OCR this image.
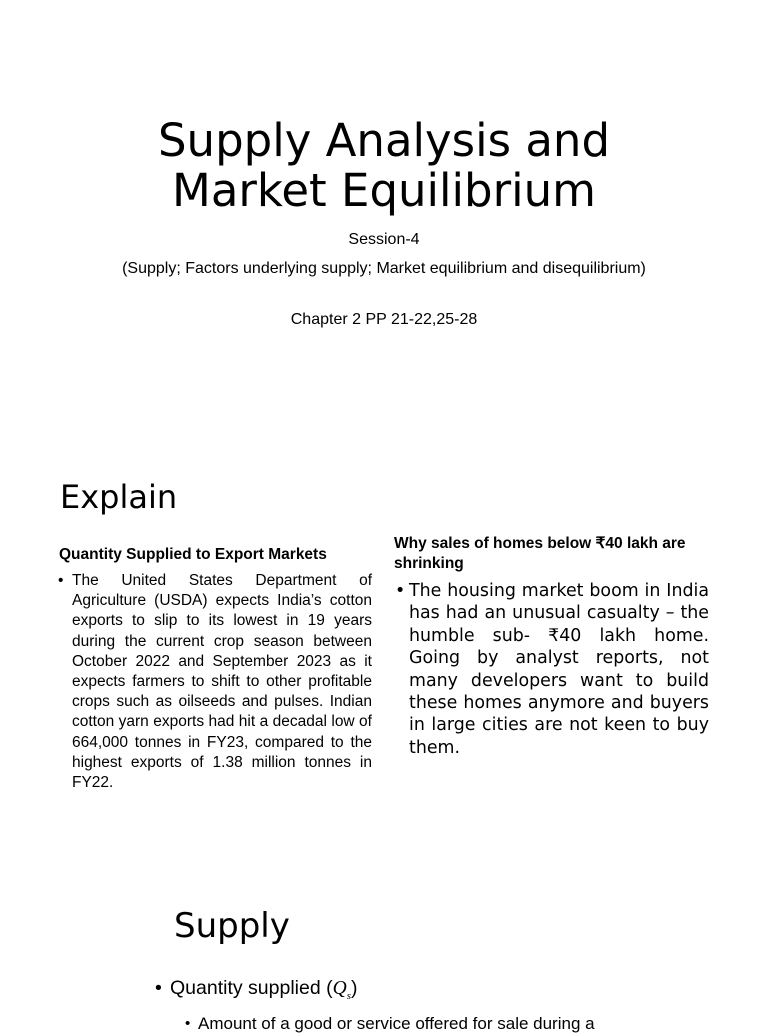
Supply Analysis and
Market Equilibrium
Session-4
(Supply; Factors underlying supply; Market equilibrium and disequilibrium)
Chapter 2 PP 21-22,25-28
Explain
Quantity Supplied to Export Markets
• The United States Department of Agriculture (USDA) expects India’s cotton exports to slip to its lowest in 19 years during the current crop season between October 2022 and September 2023 as it expects farmers to shift to other profitable crops such as oilseeds and pulses. Indian cotton yarn exports had hit a decadal low of 664,000 tonnes in FY23, compared to the highest exports of 1.38 million tonnes in FY22.
Why sales of homes below ₹40 lakh are shrinking
• The housing market boom in India has had an unusual casualty – the humble sub- ₹40 lakh home. Going by analyst reports, not many developers want to build these homes anymore and buyers in large cities are not keen to buy them.
Supply
• Quantity supplied $(Q_s)$
• Amount of a good or service offered for sale during a
